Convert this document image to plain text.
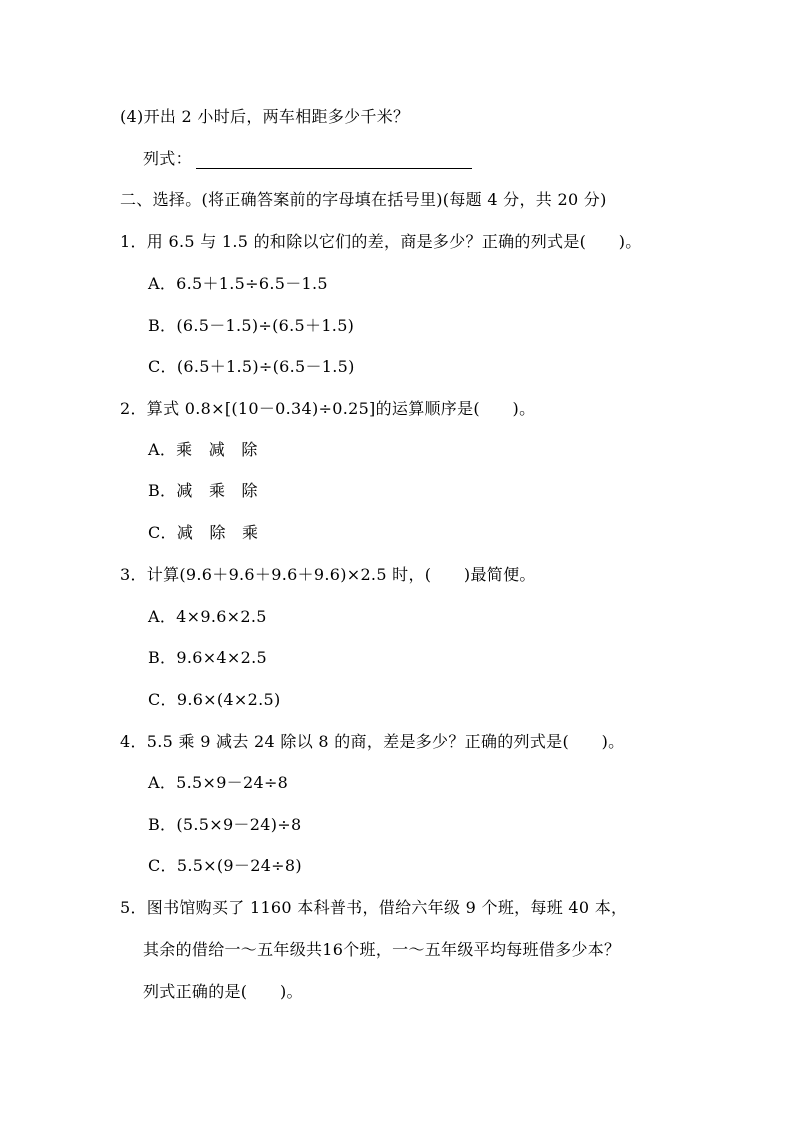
(4)开出 2 小时后，两车相距多少千米？
列式：
二、选择。(将正确答案前的字母填在括号里)(每题 4 分，共 20 分)
1．用 6.5 与 1.5 的和除以它们的差，商是多少？正确的列式是(　　)。
A．6.5＋1.5÷6.5－1.5
B．(6.5－1.5)÷(6.5＋1.5)
C．(6.5＋1.5)÷(6.5－1.5)
2．算式 0.8×[(10－0.34)÷0.25]的运算顺序是(　　)。
A．乘　减　除
B．减　乘　除
C．减　除　乘
3．计算(9.6＋9.6＋9.6＋9.6)×2.5 时，(　　)最简便。
A．4×9.6×2.5
B．9.6×4×2.5
C．9.6×(4×2.5)
4．5.5 乘 9 减去 24 除以 8 的商，差是多少？正确的列式是(　　)。
A．5.5×9－24÷8
B．(5.5×9－24)÷8
C．5.5×(9－24÷8)
5．图书馆购买了 1160 本科普书，借给六年级 9 个班，每班 40 本，
其余的借给一～五年级共16个班，一～五年级平均每班借多少本？
列式正确的是(　　)。
